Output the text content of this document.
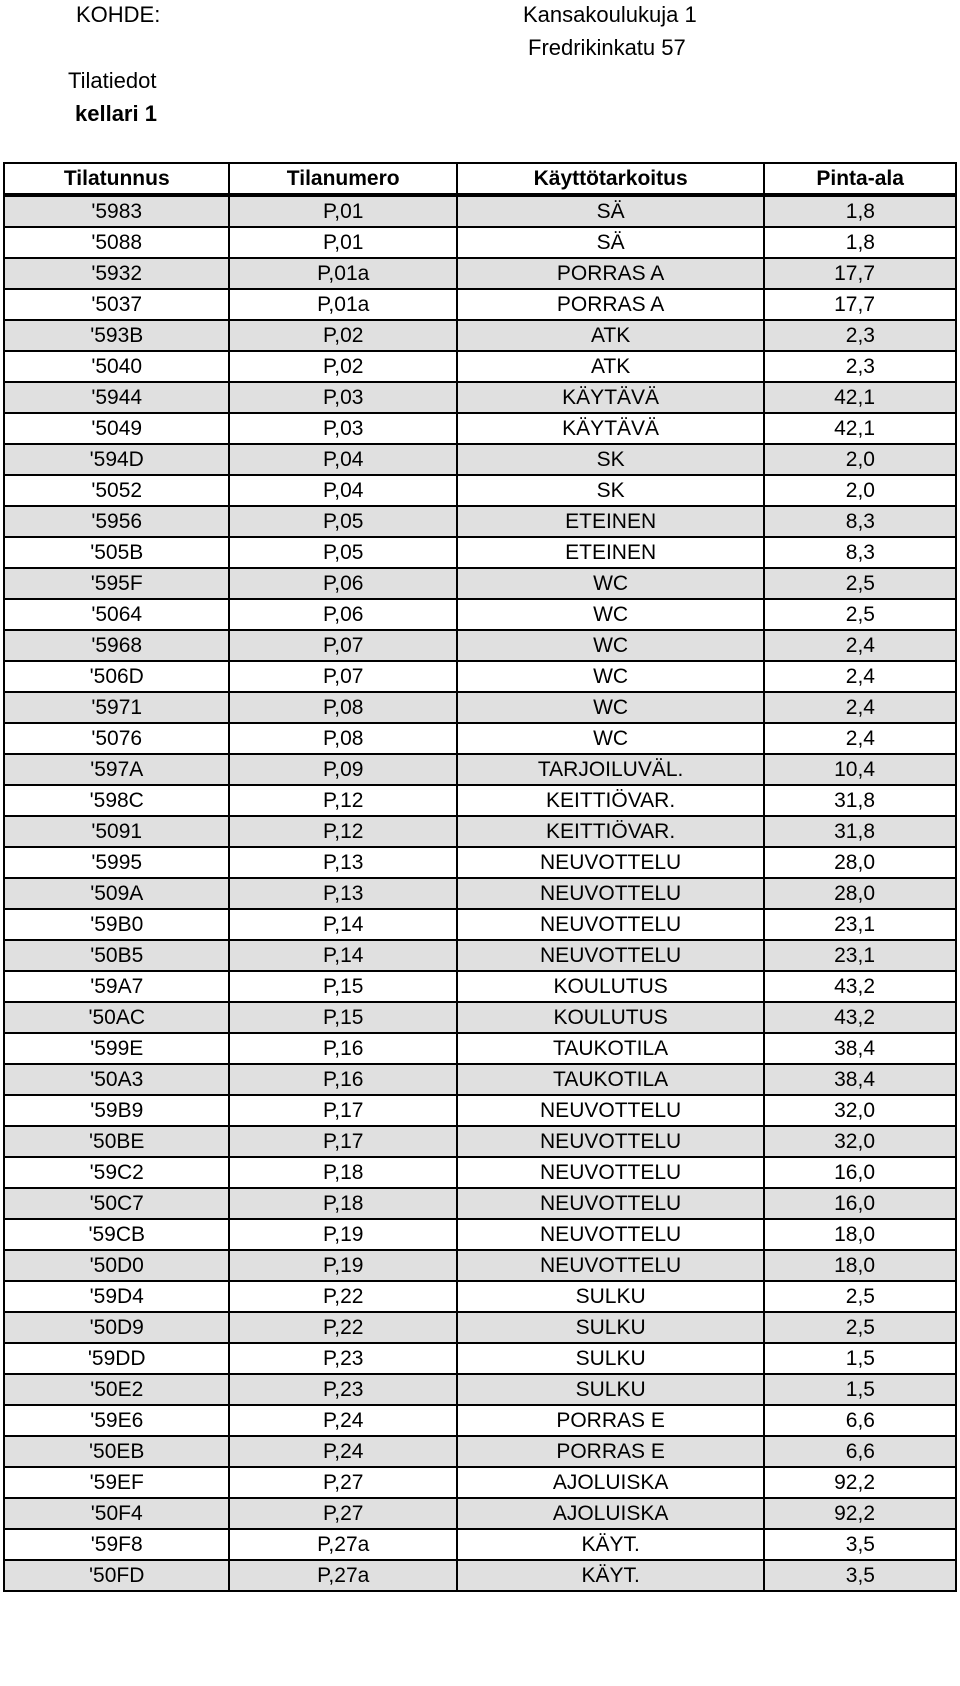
KOHDE:	Kansakoulukuja 1
Fredrikinkatu 57
Tilatiedot
kellari 1
Tilatunnus	Tilanumero	Käyttötarkoitus	Pinta-ala
'5983	P,01	SÄ	1,8
'5088	P,01	SÄ	1,8
'5932	P,01a	PORRAS A	17,7
'5037	P,01a	PORRAS A	17,7
'593B	P,02	ATK	2,3
'5040	P,02	ATK	2,3
'5944	P,03	KÄYTÄVÄ	42,1
'5049	P,03	KÄYTÄVÄ	42,1
'594D	P,04	SK	2,0
'5052	P,04	SK	2,0
'5956	P,05	ETEINEN	8,3
'505B	P,05	ETEINEN	8,3
'595F	P,06	WC	2,5
'5064	P,06	WC	2,5
'5968	P,07	WC	2,4
'506D	P,07	WC	2,4
'5971	P,08	WC	2,4
'5076	P,08	WC	2,4
'597A	P,09	TARJOILUVÄL.	10,4
'598C	P,12	KEITTIÖVAR.	31,8
'5091	P,12	KEITTIÖVAR.	31,8
'5995	P,13	NEUVOTTELU	28,0
'509A	P,13	NEUVOTTELU	28,0
'59B0	P,14	NEUVOTTELU	23,1
'50B5	P,14	NEUVOTTELU	23,1
'59A7	P,15	KOULUTUS	43,2
'50AC	P,15	KOULUTUS	43,2
'599E	P,16	TAUKOTILA	38,4
'50A3	P,16	TAUKOTILA	38,4
'59B9	P,17	NEUVOTTELU	32,0
'50BE	P,17	NEUVOTTELU	32,0
'59C2	P,18	NEUVOTTELU	16,0
'50C7	P,18	NEUVOTTELU	16,0
'59CB	P,19	NEUVOTTELU	18,0
'50D0	P,19	NEUVOTTELU	18,0
'59D4	P,22	SULKU	2,5
'50D9	P,22	SULKU	2,5
'59DD	P,23	SULKU	1,5
'50E2	P,23	SULKU	1,5
'59E6	P,24	PORRAS E	6,6
'50EB	P,24	PORRAS E	6,6
'59EF	P,27	AJOLUISKA	92,2
'50F4	P,27	AJOLUISKA	92,2
'59F8	P,27a	KÄYT.	3,5
'50FD	P,27a	KÄYT.	3,5
